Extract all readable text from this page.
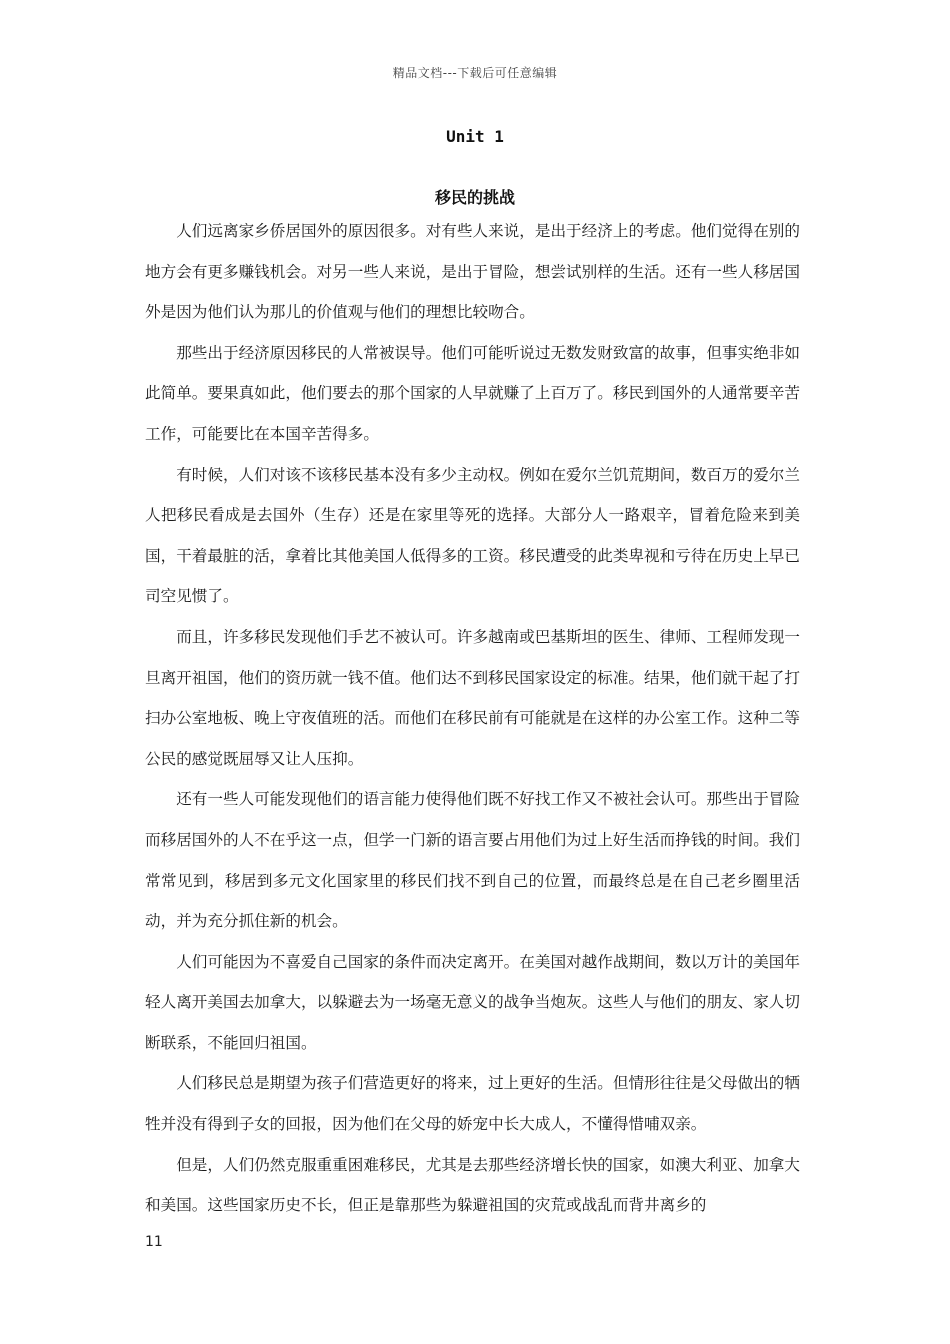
精品文档---下载后可任意编辑
Unit 1
移民的挑战

人们远离家乡侨居国外的原因很多。对有些人来说，是出于经济上的考虑。他们觉得在别的地方会有更多赚钱机会。对另一些人来说，是出于冒险，想尝试别样的生活。还有一些人移居国外是因为他们认为那儿的价值观与他们的理想比较吻合。

那些出于经济原因移民的人常被误导。他们可能听说过无数发财致富的故事，但事实绝非如此简单。要果真如此，他们要去的那个国家的人早就赚了上百万了。移民到国外的人通常要辛苦工作，可能要比在本国辛苦得多。

有时候，人们对该不该移民基本没有多少主动权。例如在爱尔兰饥荒期间，数百万的爱尔兰人把移民看成是去国外（生存）还是在家里等死的选择。大部分人一路艰辛，冒着危险来到美国，干着最脏的活，拿着比其他美国人低得多的工资。移民遭受的此类卑视和亏待在历史上早已司空见惯了。

而且，许多移民发现他们手艺不被认可。许多越南或巴基斯坦的医生、律师、工程师发现一旦离开祖国，他们的资历就一钱不值。他们达不到移民国家设定的标准。结果，他们就干起了打扫办公室地板、晚上守夜值班的活。而他们在移民前有可能就是在这样的办公室工作。这种二等公民的感觉既屈辱又让人压抑。

还有一些人可能发现他们的语言能力使得他们既不好找工作又不被社会认可。那些出于冒险而移居国外的人不在乎这一点，但学一门新的语言要占用他们为过上好生活而挣钱的时间。我们常常见到，移居到多元文化国家里的移民们找不到自己的位置，而最终总是在自己老乡圈里活动，并为充分抓住新的机会。

人们可能因为不喜爱自己国家的条件而决定离开。在美国对越作战期间，数以万计的美国年轻人离开美国去加拿大，以躲避去为一场毫无意义的战争当炮灰。这些人与他们的朋友、家人切断联系，不能回归祖国。

人们移民总是期望为孩子们营造更好的将来，过上更好的生活。但情形往往是父母做出的牺牲并没有得到子女的回报，因为他们在父母的娇宠中长大成人，不懂得惜哺双亲。

但是，人们仍然克服重重困难移民，尤其是去那些经济增长快的国家，如澳大利亚、加拿大和美国。这些国家历史不长，但正是靠那些为躲避祖国的灾荒或战乱而背井离乡的

11
